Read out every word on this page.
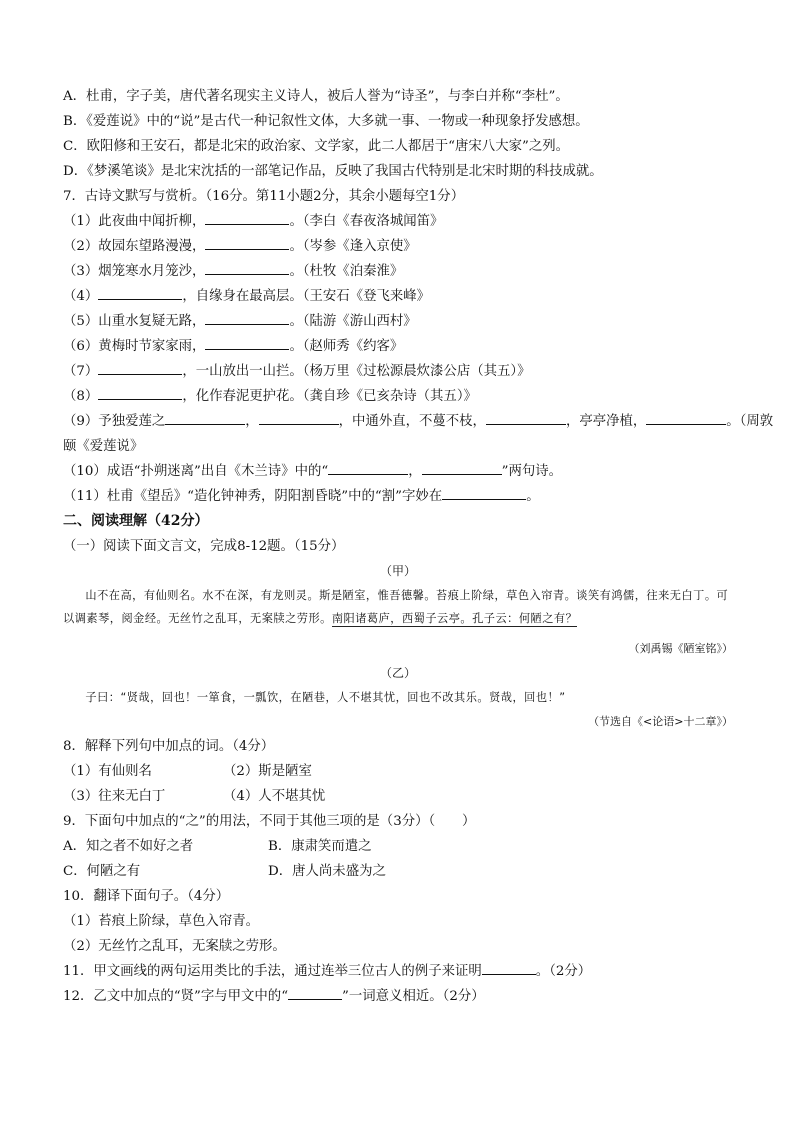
A．杜甫，字子美，唐代著名现实主义诗人，被后人誉为“诗圣”，与李白并称“李杜”。
B．《爱莲说》中的“说”是古代一种记叙性文体，大多就一事、一物或一种现象抒发感想。
C．欧阳修和王安石，都是北宋的政治家、文学家，此二人都居于“唐宋八大家”之列。
D．《梦溪笔谈》是北宋沈括的一部笔记作品，反映了我国古代特别是北宋时期的科技成就。
7．古诗文默写与赏析。（16分。第11小题2分，其余小题每空1分）
（1）此夜曲中闻折柳，	。（李白《春夜洛城闻笛》
（2）故园东望路漫漫，	。（岑参《逢入京使》
（3）烟笼寒水月笼沙，	。（杜牧《泊秦淮》
（4）	，自缘身在最高层。（王安石《登飞来峰》
（5）山重水复疑无路，	。（陆游《游山西村》
（6）黄梅时节家家雨，	。（赵师秀《约客》
（7）	，一山放出一山拦。（杨万里《过松源晨炊漆公店（其五）》
（8）	，化作春泥更护花。（龚自珍《已亥杂诗（其五）》
（9）予独爱莲之	，	，中通外直，不蔓不枝，	，亭亭净植，	。（周敦
颐《爱莲说》
（10）成语“扑朔迷离”出自《木兰诗》中的“	，	”两句诗。
（11）杜甫《望岳》“造化钟神秀，阴阳割昏晓”中的“割”字妙在	。
二、阅读理解（42分）
（一）阅读下面文言文，完成8-12题。（15分）
（甲）
山不在高，有仙则名。水不在深，有龙则灵。斯是陋室，惟吾德馨。苔痕上阶绿，草色入帘青。谈笑有鸿儒，往来无白丁。可以调素琴，阅金经。无丝竹之乱耳，无案牍之劳形。南阳诸葛庐，西蜀子云亭。孔子云：何陋之有？
（刘禹锡《陋室铭》）
（乙）
子曰：“贤哉，回也！一箪食，一瓢饮，在陋巷，人不堪其忧，回也不改其乐。贤哉，回也！”
（节选自《<论语>十二章》）
8．解释下列句中加点的词。（4分）
（1）有仙则名	（2）斯是陋室
（3）往来无白丁	（4）人不堪其忧
9．下面句中加点的“之”的用法，不同于其他三项的是（3分）（　　）
A．知之者不如好之者	B．康肃笑而遣之
C．何陋之有	D．唐人尚未盛为之
10．翻译下面句子。（4分）
（1）苔痕上阶绿，草色入帘青。
（2）无丝竹之乱耳，无案牍之劳形。
11．甲文画线的两句运用类比的手法，通过连举三位古人的例子来证明	。（2分）
12．乙文中加点的“贤”字与甲文中的“	”一词意义相近。（2分）
